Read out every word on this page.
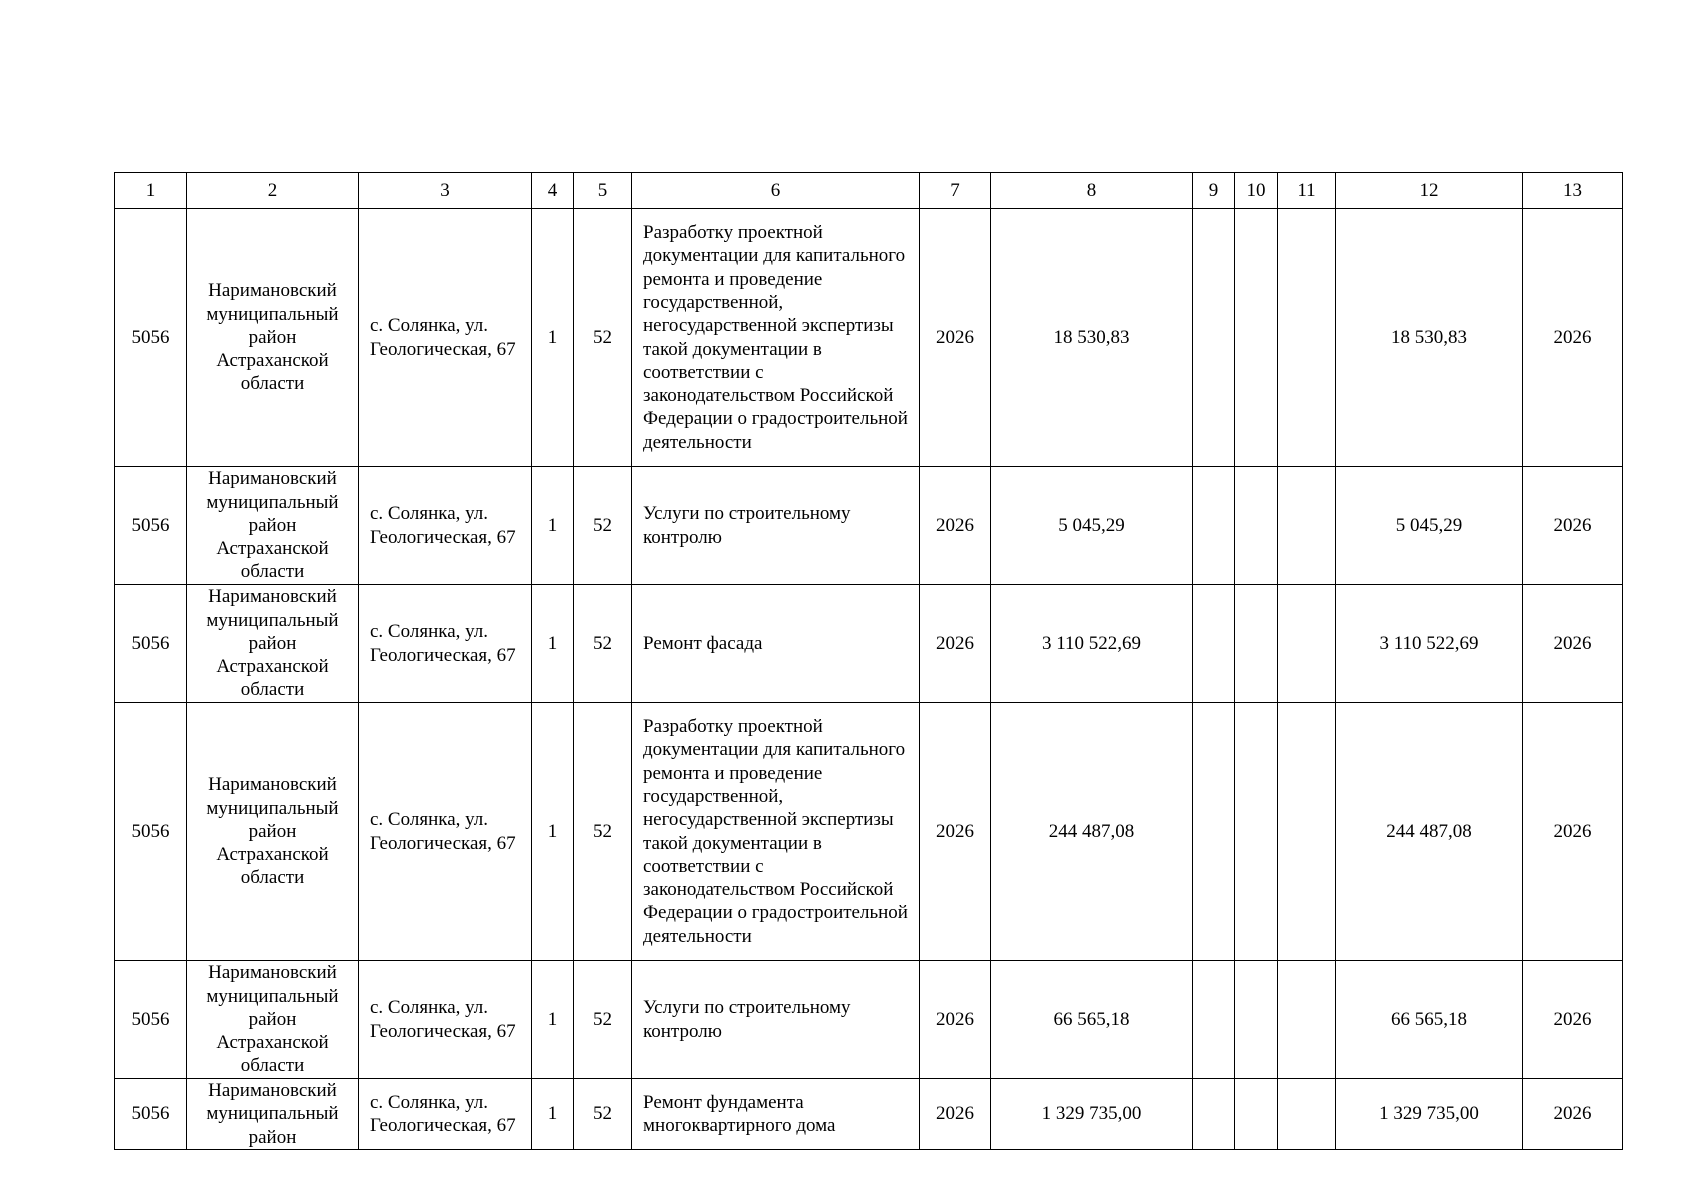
1	2	3	4	5	6	7	8	9	10	11	12	13
5056	Наримановский муниципальный район Астраханской области	с. Солянка, ул. Геологическая, 67	1	52	Разработку проектной документации для капитального ремонта и проведение государственной, негосударственной экспертизы такой документации в соответствии с законодательством Российской Федерации о градостроительной деятельности	2026	18 530,83				18 530,83	2026
5056	Наримановский муниципальный район Астраханской области	с. Солянка, ул. Геологическая, 67	1	52	Услуги по строительному контролю	2026	5 045,29				5 045,29	2026
5056	Наримановский муниципальный район Астраханской области	с. Солянка, ул. Геологическая, 67	1	52	Ремонт фасада	2026	3 110 522,69				3 110 522,69	2026
5056	Наримановский муниципальный район Астраханской области	с. Солянка, ул. Геологическая, 67	1	52	Разработку проектной документации для капитального ремонта и проведение государственной, негосударственной экспертизы такой документации в соответствии с законодательством Российской Федерации о градостроительной деятельности	2026	244 487,08				244 487,08	2026
5056	Наримановский муниципальный район Астраханской области	с. Солянка, ул. Геологическая, 67	1	52	Услуги по строительному контролю	2026	66 565,18				66 565,18	2026
5056	Наримановский муниципальный район	с. Солянка, ул. Геологическая, 67	1	52	Ремонт фундамента многоквартирного дома	2026	1 329 735,00				1 329 735,00	2026
